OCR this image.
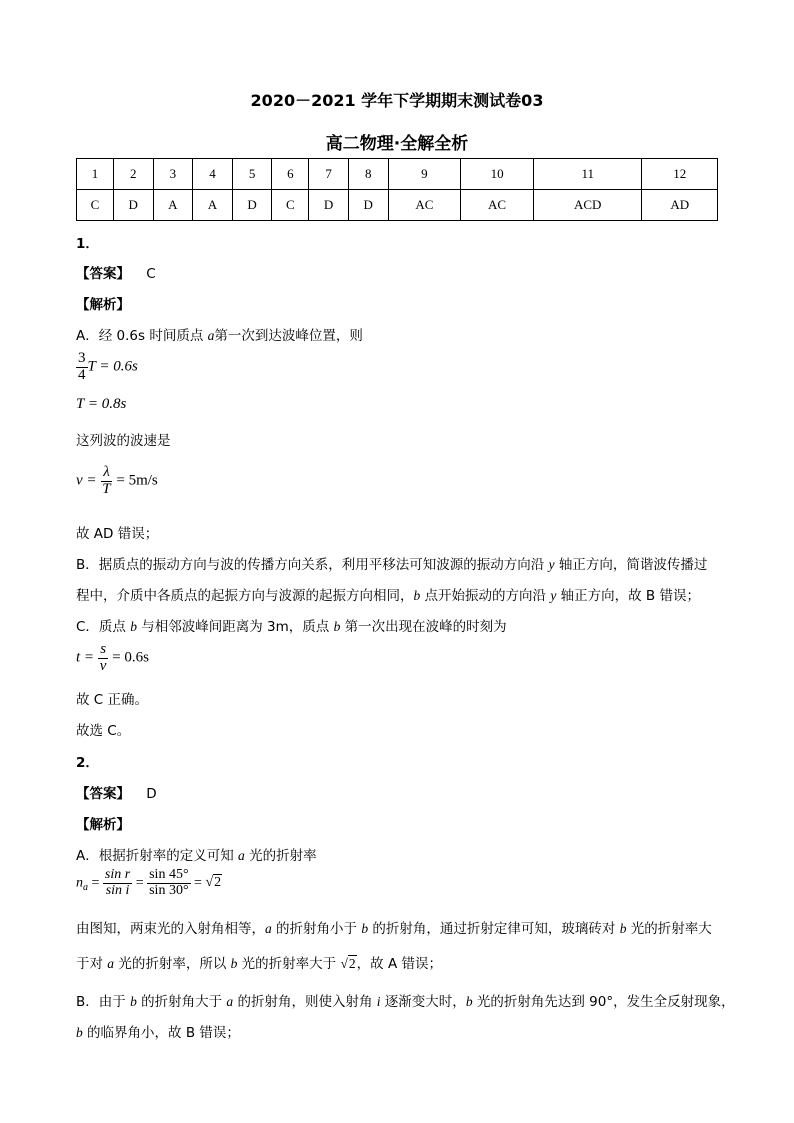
2020－2021 学年下学期期末测试卷03
高二物理·全解全析
1	2	3	4	5	6	7	8	9	10	11	12
C	D	A	A	D	C	D	D	AC	AC	ACD	AD
1．
【答案】 C
【解析】
A．经 0.6s 时间质点 a第一次到达波峰位置，则
$\frac{3}{4}$ T = 0.6s
T = 0.8s
这列波的波速是
$v = \frac{\lambda}{T} = 5m/s$
故 AD 错误；
B．据质点的振动方向与波的传播方向关系，利用平移法可知波源的振动方向沿 y 轴正方向，简谐波传播过
程中，介质中各质点的起振方向与波源的起振方向相同，b 点开始振动的方向沿 y 轴正方向，故 B 错误；
C．质点 b 与相邻波峰间距离为 3m，质点 b 第一次出现在波峰的时刻为
$t = \frac{s}{v} = 0.6s$
故 C 正确。
故选 C。
2．
【答案】 D
【解析】
A．根据折射率的定义可知 a 光的折射率
$n_a = \frac{\text{sin r}}{\text{sin i}} = \frac{\sin 45^\circ}{\sin 30^\circ} = √2$
由图知，两束光的入射角相等，a 的折射角小于 b 的折射角，通过折射定律可知，玻璃砖对 b 光的折射率大
于对 a 光的折射率，所以 b 光的折射率大于 √2，故 A 错误；
B．由于 b 的折射角大于 a 的折射角，则使入射角 i 逐渐变大时，b 光的折射角先达到 90°，发生全反射现象，
b 的临界角小，故 B 错误；
